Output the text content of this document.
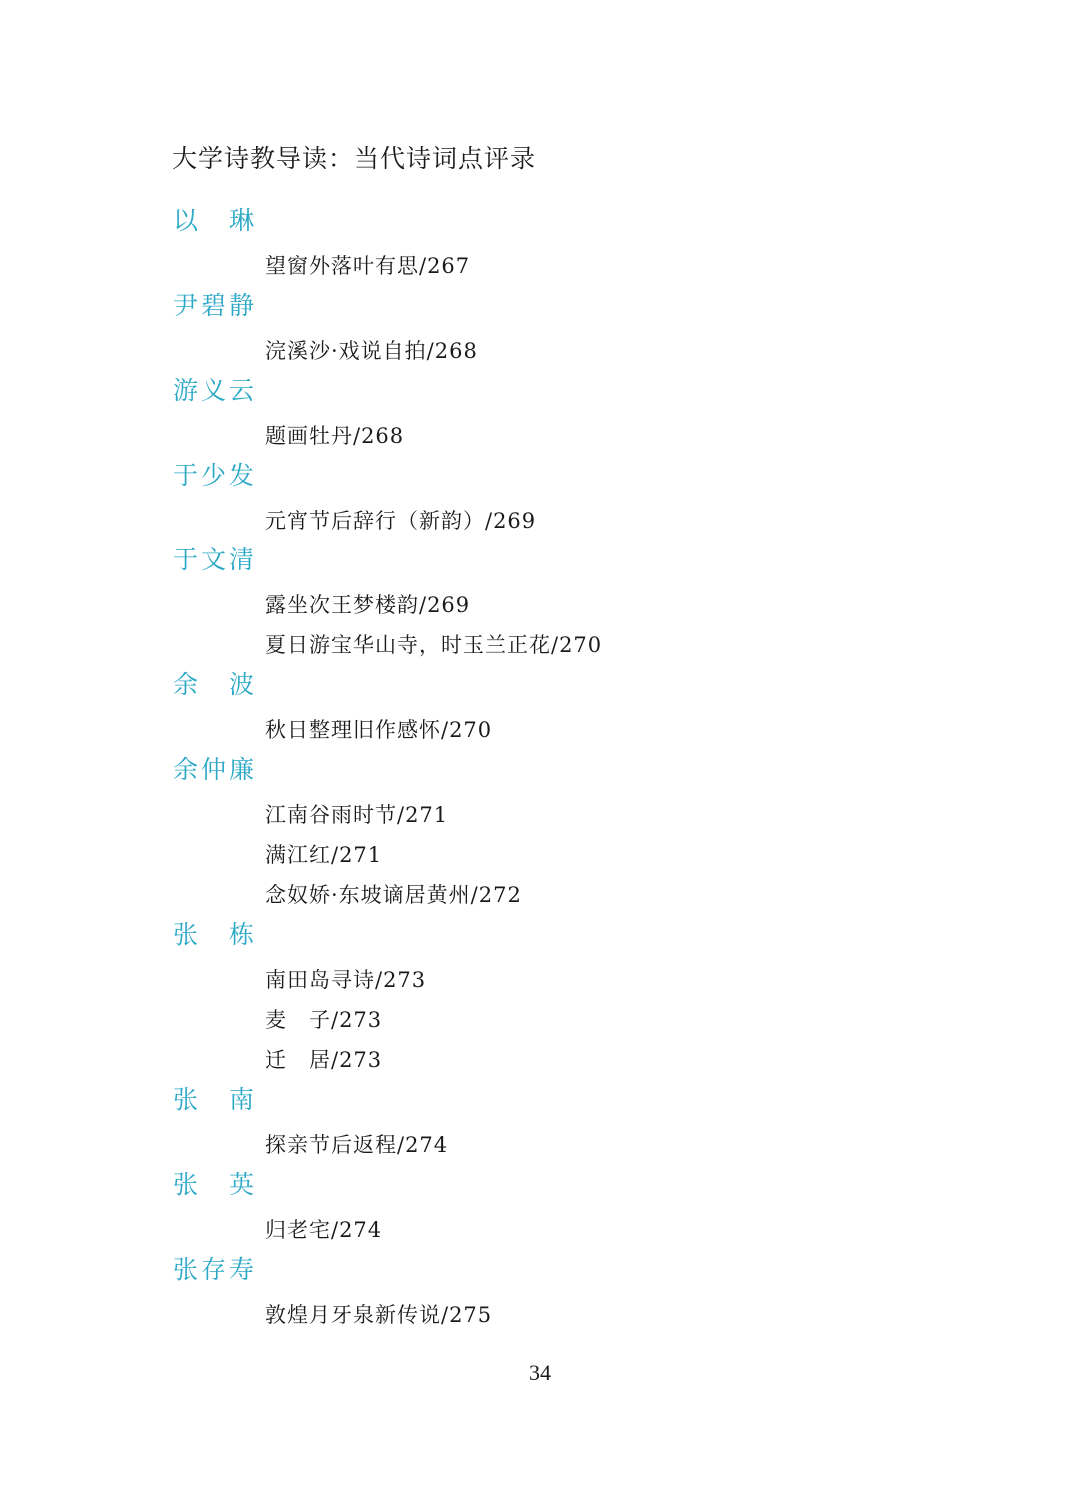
大学诗教导读：当代诗词点评录
以　琳
望窗外落叶有思/267
尹碧静
浣溪沙·戏说自拍/268
游义云
题画牡丹/268
于少发
元宵节后辞行（新韵）/269
于文清
露坐次王梦楼韵/269
夏日游宝华山寺，时玉兰正花/270
余　波
秋日整理旧作感怀/270
余仲廉
江南谷雨时节/271
满江红/271
念奴娇·东坡谪居黄州/272
张　栋
南田岛寻诗/273
麦　子/273
迁　居/273
张　南
探亲节后返程/274
张　英
归老宅/274
张存寿
敦煌月牙泉新传说/275
34
